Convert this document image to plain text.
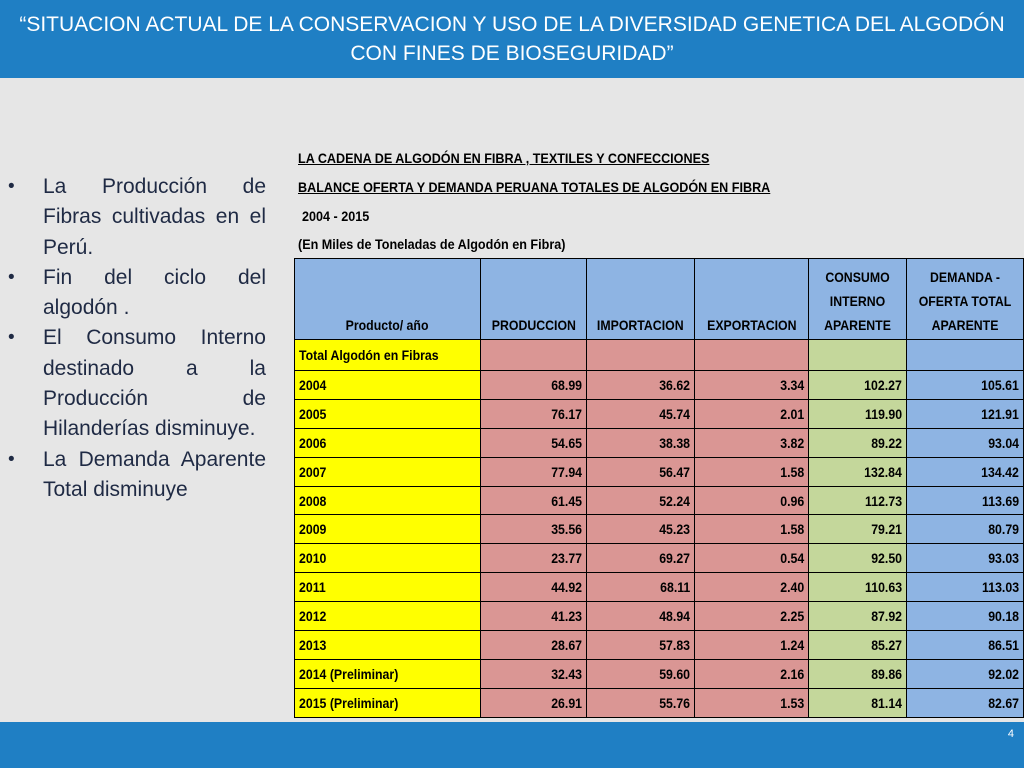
“SITUACION ACTUAL DE LA CONSERVACION Y USO DE LA DIVERSIDAD GENETICA DEL ALGODÓN CON FINES DE BIOSEGURIDAD”
• La Producción de Fibras cultivadas en el Perú.
• Fin del ciclo del algodón .
• El Consumo Interno destinado a la Producción de Hilanderías disminuye.
• La Demanda Aparente Total disminuye
LA CADENA DE ALGODÓN EN FIBRA , TEXTILES Y CONFECCIONES
BALANCE OFERTA Y DEMANDA PERUANA TOTALES DE ALGODÓN EN FIBRA
2004 - 2015
(En Miles de Toneladas de Algodón en Fibra)
Producto/ año	PRODUCCION	IMPORTACION	EXPORTACION	CONSUMO INTERNO APARENTE	DEMANDA - OFERTA TOTAL APARENTE
Total Algodón en Fibras					
2004	68.99	36.62	3.34	102.27	105.61
2005	76.17	45.74	2.01	119.90	121.91
2006	54.65	38.38	3.82	89.22	93.04
2007	77.94	56.47	1.58	132.84	134.42
2008	61.45	52.24	0.96	112.73	113.69
2009	35.56	45.23	1.58	79.21	80.79
2010	23.77	69.27	0.54	92.50	93.03
2011	44.92	68.11	2.40	110.63	113.03
2012	41.23	48.94	2.25	87.92	90.18
2013	28.67	57.83	1.24	85.27	86.51
2014 (Preliminar)	32.43	59.60	2.16	89.86	92.02
2015 (Preliminar)	26.91	55.76	1.53	81.14	82.67
4
